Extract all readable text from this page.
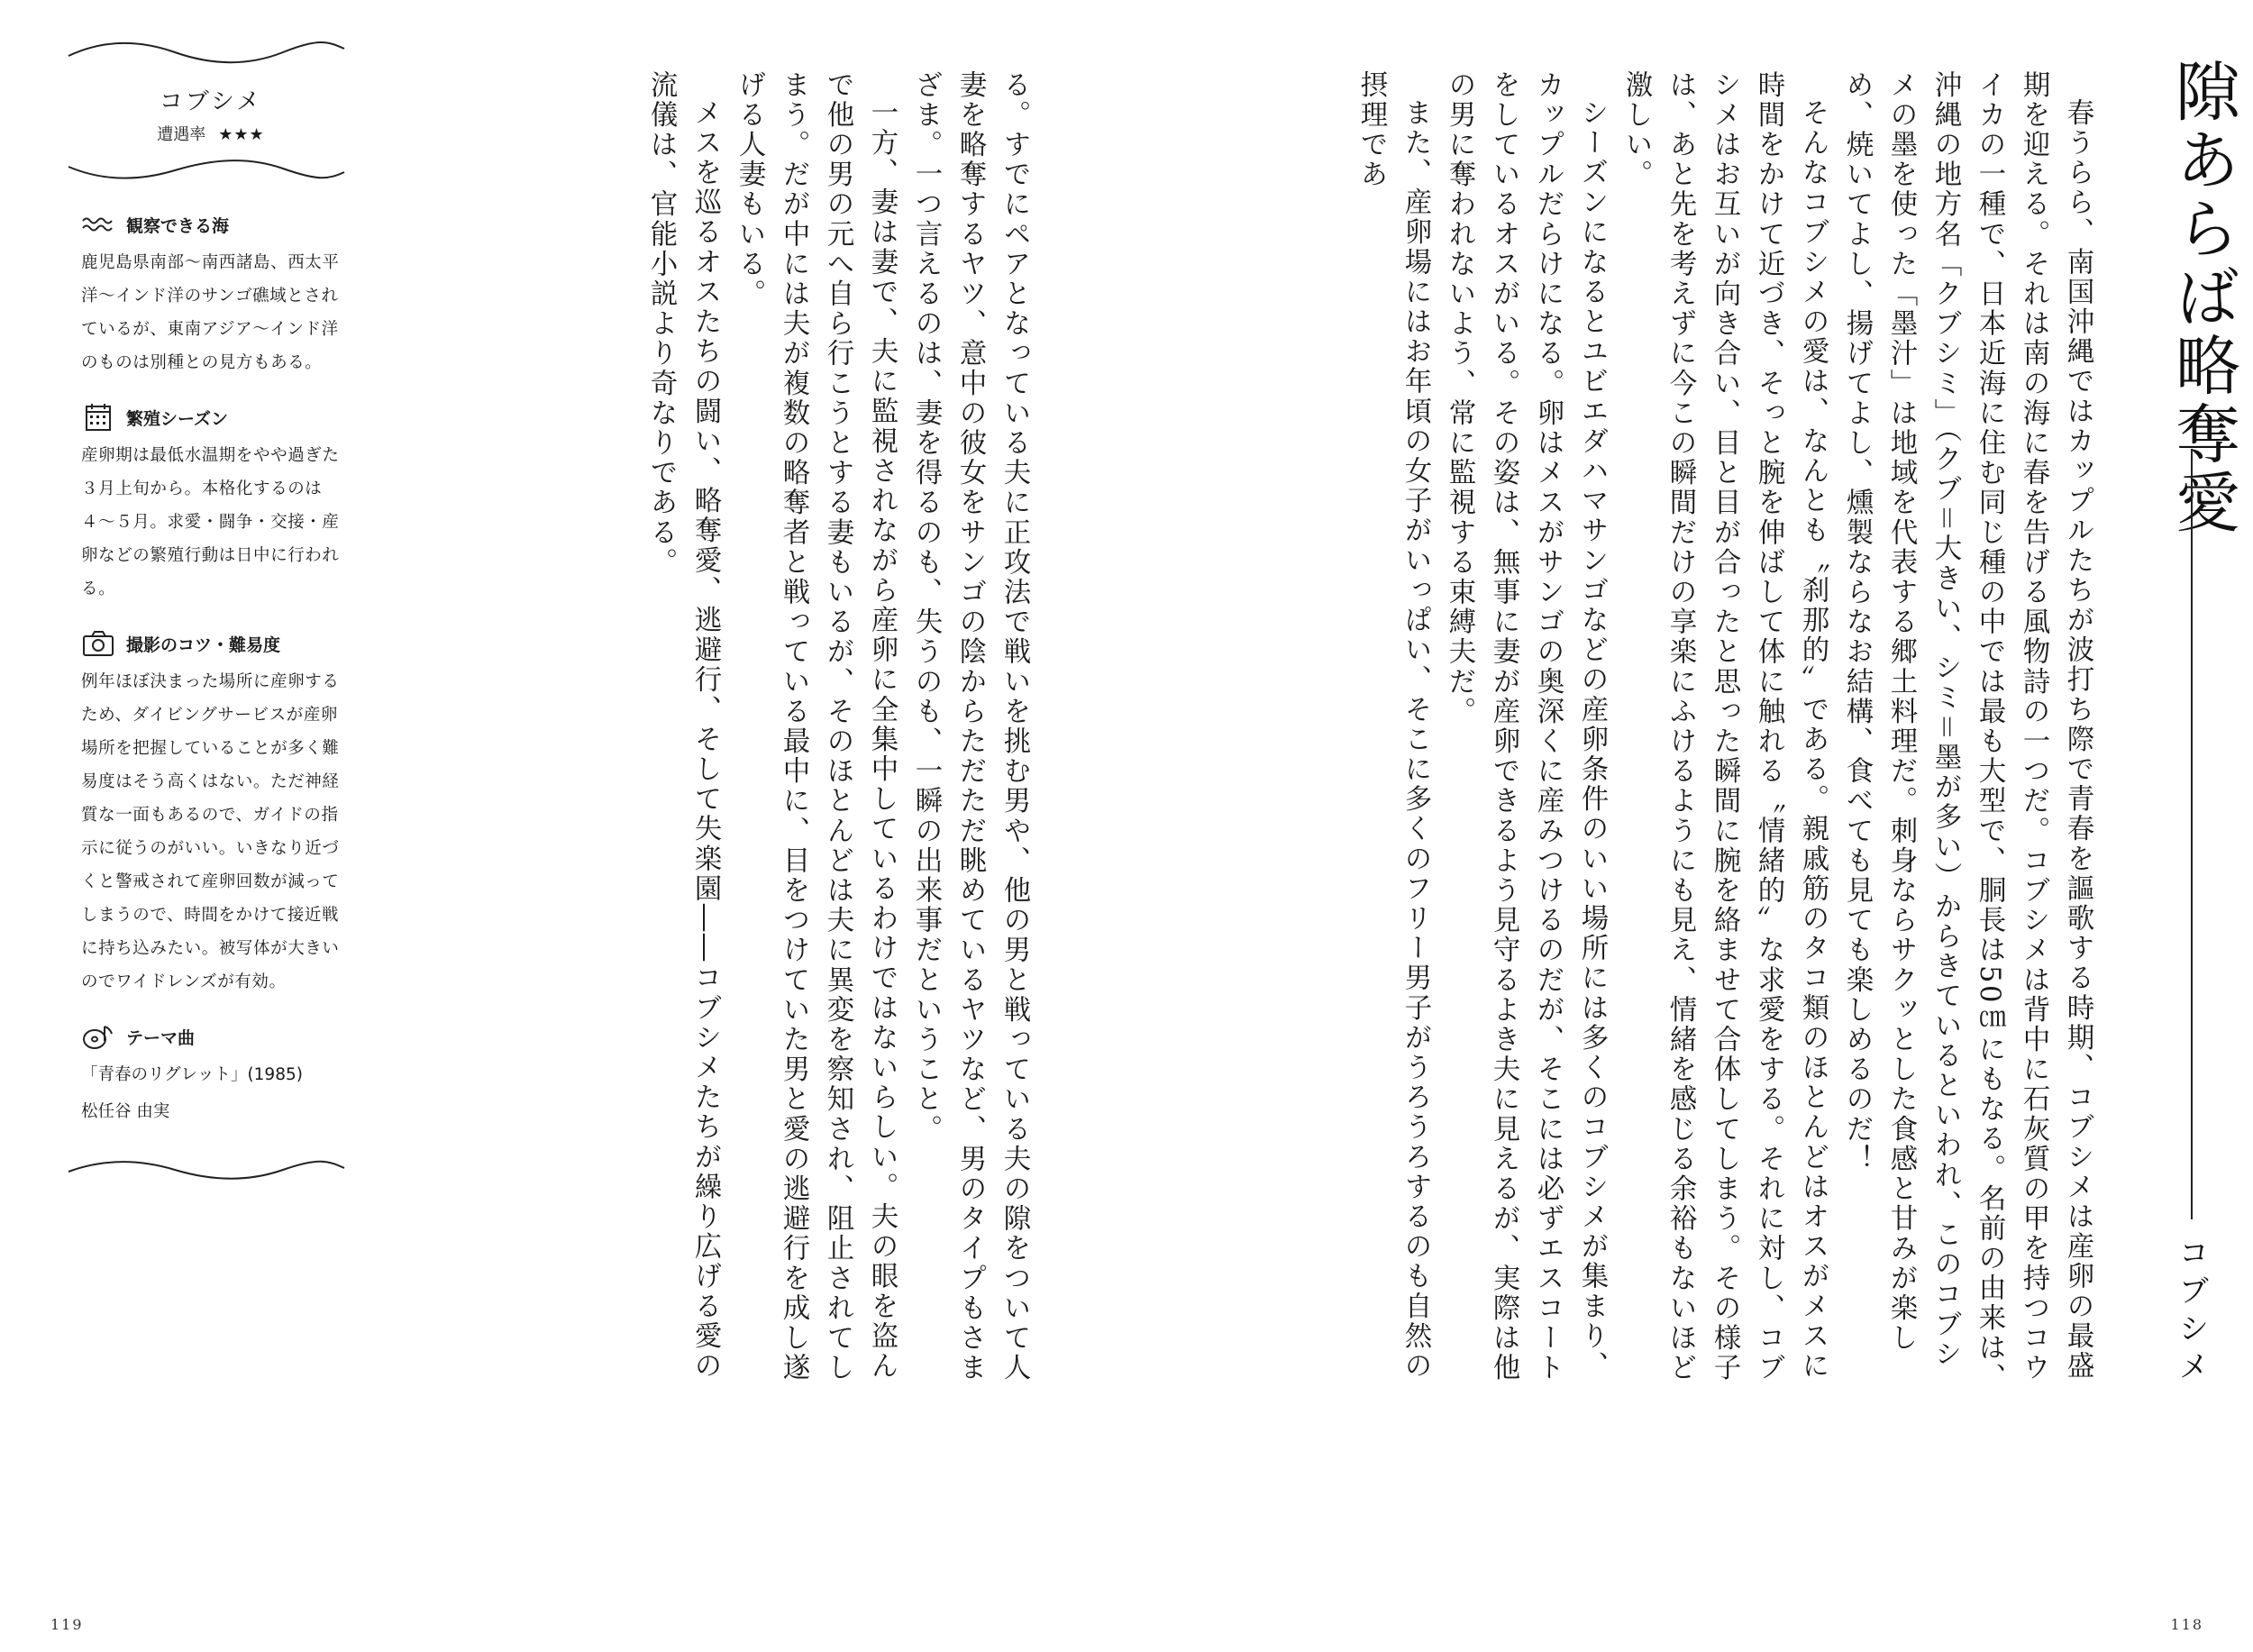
隙あらば略奪愛
コブシメ

春うらら、南国沖縄ではカップルたちが波打ち際で青春を謳歌する時期、コブシメは産卵の最盛期を迎える。それは南の海に春を告げる風物詩の一つだ。コブシメは背中に石灰質の甲を持つコウイカの一種で、日本近海に住む同じ種の中では最も大型で、胴長は50㎝にもなる。名前の由来は、沖縄の地方名「クブシミ」（クブ＝大きい、シミ＝墨が多い）からきているといわれ、このコブシメの墨を使った「墨汁」は地域を代表する郷土料理だ。刺身ならサクッとした食感と甘みが楽しめ、焼いてよし、揚げてよし、燻製ならなお結構、食べても見ても楽しめるのだ！

そんなコブシメの愛は、なんとも〝刹那的〟である。親戚筋のタコ類のほとんどはオスがメスに時間をかけて近づき、そっと腕を伸ばして体に触れる〝情緒的〟な求愛をする。それに対し、コブシメはお互いが向き合い、目と目が合ったと思った瞬間に腕を絡ませて合体してしまう。その様子は、あと先を考えずに今この瞬間だけの享楽にふけるようにも見え、情緒を感じる余裕もないほど激しい。

シーズンになるとユビエダハマサンゴなどの産卵条件のいい場所には多くのコブシメが集まり、カップルだらけになる。卵はメスがサンゴの奥深くに産みつけるのだが、そこには必ずエスコートをしているオスがいる。その姿は、無事に妻が産卵できるよう見守るよき夫に見えるが、実際は他の男に奪われないよう、常に監視する束縛夫だ。

また、産卵場にはお年頃の女子がいっぱい、そこに多くのフリー男子がうろうろするのも自然の摂理であ

る。すでにペアとなっている夫に正攻法で戦いを挑む男や、他の男と戦っている夫の隙をついて人妻を略奪するヤツ、意中の彼女をサンゴの陰からただただ眺めているヤツなど、男のタイプもさまざま。一つ言えるのは、妻を得るのも、失うのも、一瞬の出来事だということ。

一方、妻は妻で、夫に監視されながら産卵に全集中しているわけではないらしい。夫の眼を盗んで他の男の元へ自ら行こうとする妻もいるが、そのほとんどは夫に異変を察知され、阻止されてしまう。だが中には夫が複数の略奪者と戦っている最中に、目をつけていた男と愛の逃避行を成し遂げる人妻もいる。

メスを巡るオスたちの闘い、略奪愛、逃避行、そして失楽園――コブシメたちが繰り広げる愛の流儀は、官能小説より奇なりである。

コブシメ
遭遇率 ★★★
観察できる海
鹿児島県南部〜南西諸島、西太平洋〜インド洋のサンゴ礁域とされているが、東南アジア〜インド洋のものは別種との見方もある。
繁殖シーズン
産卵期は最低水温期をやや過ぎた３月上旬から。本格化するのは４〜５月。求愛・闘争・交接・産卵などの繁殖行動は日中に行われる。
撮影のコツ・難易度
例年ほぼ決まった場所に産卵するため、ダイビングサービスが産卵場所を把握していることが多く難易度はそう高くはない。ただ神経質な一面もあるので、ガイドの指示に従うのがいい。いきなり近づくと警戒されて産卵回数が減ってしまうので、時間をかけて接近戦に持ち込みたい。被写体が大きいのでワイドレンズが有効。
テーマ曲
「青春のリグレット」(1985)
松任谷 由実
119	118
